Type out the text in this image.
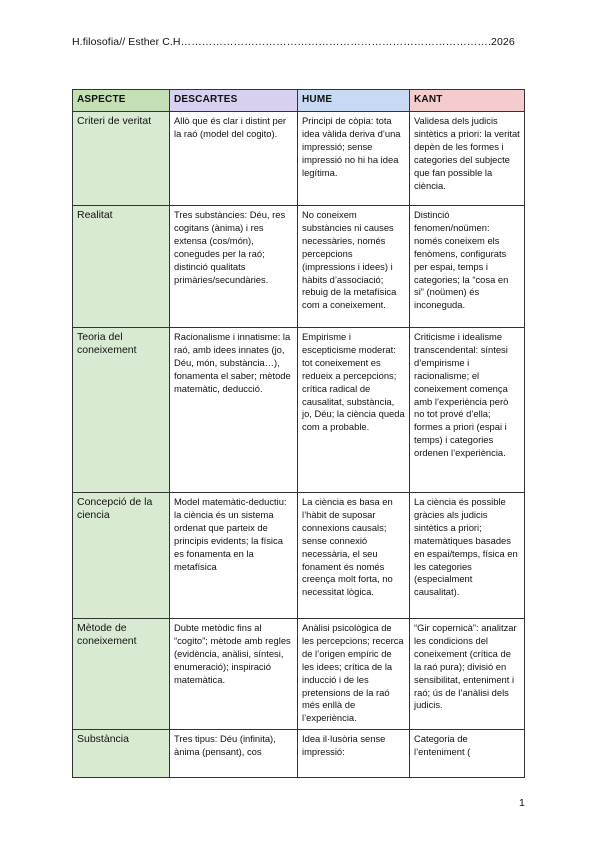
H.filosofia// Esther C.H…………………………………………………………………………….2026
ASPECTE	DESCARTES	HUME	KANT
Criteri de veritat	Allò que és clar i distint per la raó (model del cogito).	Principi de còpia: tota idea vàlida deriva d’una impressió; sense impressió no hi ha idea legítima.	Validesa dels judicis sintètics a priori: la veritat depèn de les formes i categories del subjecte que fan possible la ciència.
Realitat	Tres substàncies: Déu, res cogitans (ànima) i res extensa (cos/món), conegudes per la raó; distinció qualitats primàries/secundàries.	No coneixem substàncies ni causes necessàries, només percepcions (impressions i idees) i hàbits d’associació; rebuig de la metafísica com a coneixement.	Distinció fenomen/noümen: només coneixem els fenòmens, configurats per espai, temps i categories; la “cosa en si” (noümen) és inconeguda.
Teoria del coneixement	Racionalisme i innatisme: la raó, amb idees innates (jo, Déu, món, substància…), fonamenta el saber; mètode matemàtic, deducció.	Empirisme i escepticisme moderat: tot coneixement es redueix a percepcions; crítica radical de causalitat, substància, jo, Déu; la ciència queda com a probable.	Criticisme i idealisme transcendental: síntesi d’empirisme i racionalisme; el coneixement comença amb l’experiència però no tot prové d’ella; formes a priori (espai i temps) i categories ordenen l’experiència.
Concepció de la ciencia	Model matemàtic-deductiu: la ciència és un sistema ordenat que parteix de principis evidents; la física es fonamenta en la metafísica	La ciència es basa en l’hàbit de suposar connexions causals; sense connexió necessària, el seu fonament és només creença molt forta, no necessitat lògica.	La ciència és possible gràcies als judicis sintètics a priori; matemàtiques basades en espai/temps, física en les categories (especialment causalitat).
Mètode de coneixement	Dubte metòdic fins al “cogito”; mètode amb regles (evidència, anàlisi, síntesi, enumeració); inspiració matemàtica.	Anàlisi psicològica de les percepcions; recerca de l’origen empíric de les idees; crítica de la inducció i de les pretensions de la raó més enllà de l’experiència.	“Gir copernicà”: analitzar les condicions del coneixement (crítica de la raó pura); divisió en sensibilitat, enteniment i raó; ús de l’anàlisi dels judicis.
Substància	Tres tipus: Déu (infinita), ànima (pensant), cos	Idea il·lusòria sense impressió:	Categoria de l’enteniment (
1
